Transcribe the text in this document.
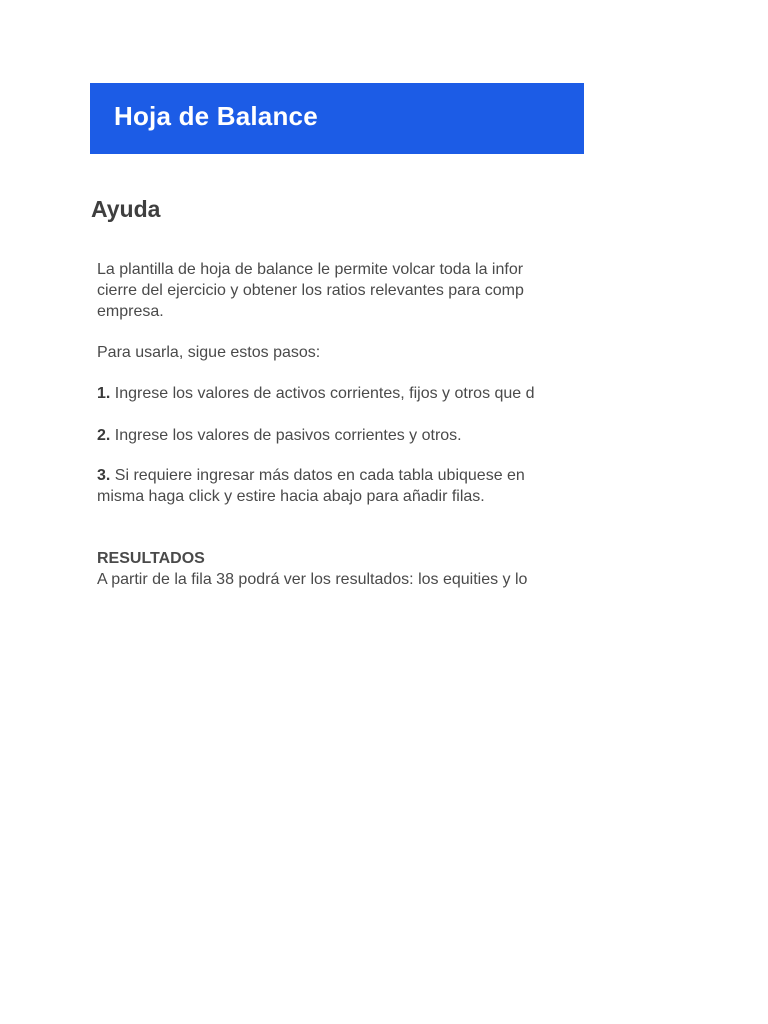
Hoja de Balance
Ayuda

La plantilla de hoja de balance le permite volcar toda la infor

cierre del ejercicio y obtener los ratios relevantes para comp

empresa.

Para usarla, sigue estos pasos:

1. Ingrese los valores de activos corrientes, fijos y otros que d

2. Ingrese los valores de pasivos corrientes y otros.

3. Si requiere ingresar más datos en cada tabla ubiquese en

misma haga click y estire hacia abajo para añadir filas.

RESULTADOS

A partir de la fila 38 podrá ver los resultados: los equities y lo
